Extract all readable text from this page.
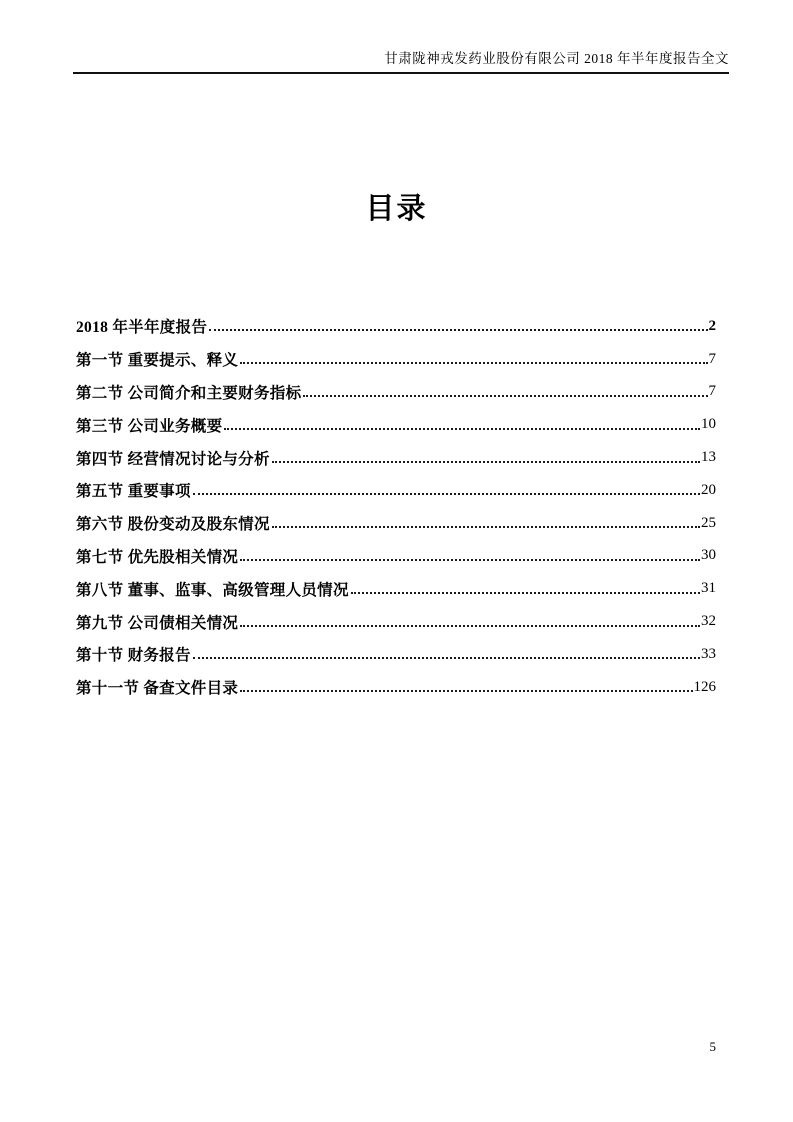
甘肃陇神戎发药业股份有限公司 2018 年半年度报告全文
目录
2018 年半年度报告	2
第一节 重要提示、释义	7
第二节 公司简介和主要财务指标	7
第三节 公司业务概要	10
第四节 经营情况讨论与分析	13
第五节 重要事项	20
第六节 股份变动及股东情况	25
第七节 优先股相关情况	30
第八节 董事、监事、高级管理人员情况	31
第九节 公司债相关情况	32
第十节 财务报告	33
第十一节 备查文件目录	126
5
